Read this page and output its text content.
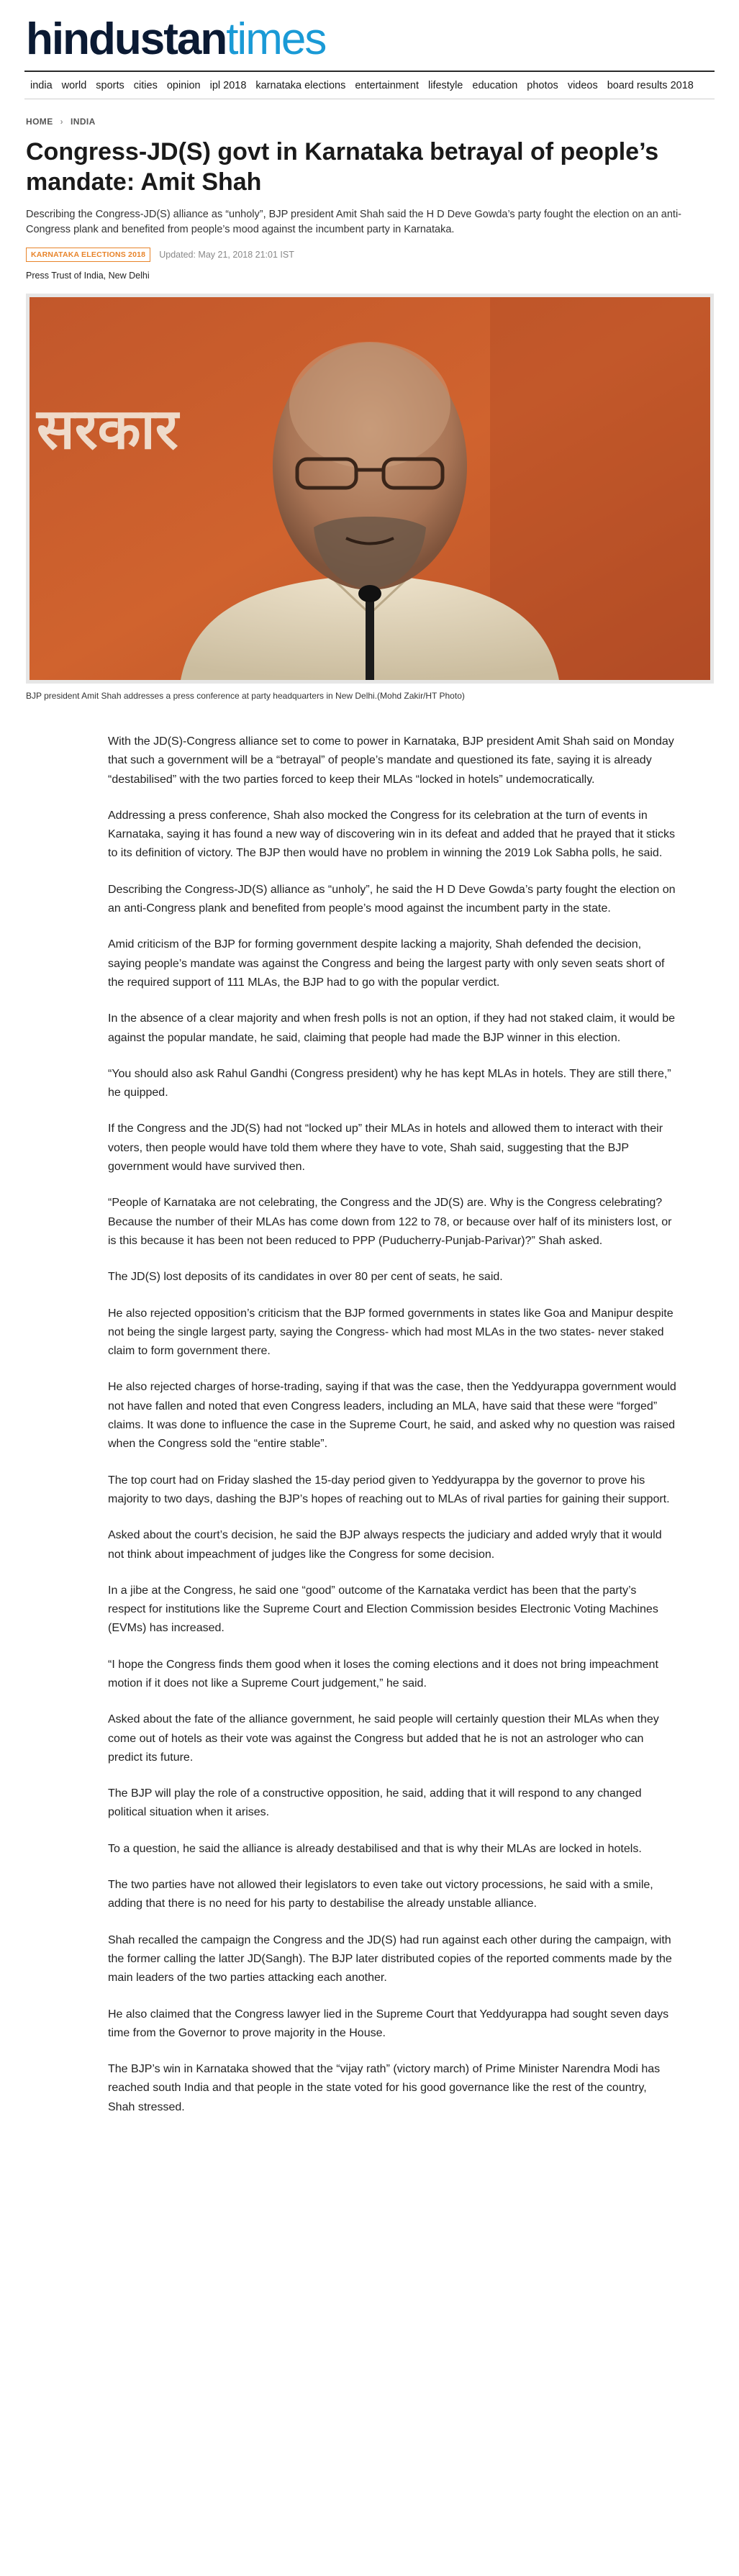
hindustantimes
india world sports cities opinion ipl 2018 karnataka elections entertainment lifestyle education photos videos board results 2018
HOME › INDIA
Congress-JD(S) govt in Karnataka betrayal of people’s mandate: Amit Shah

Describing the Congress-JD(S) alliance as “unholy”, BJP president Amit Shah said the H D Deve Gowda’s party fought the election on an anti-Congress plank and benefited from people’s mood against the incumbent party in Karnataka.

KARNATAKA ELECTIONS 2018	Updated: May 21, 2018 21:01 IST
Press Trust of India, New Delhi
सरकार
BJP president Amit Shah addresses a press conference at party headquarters in New Delhi.(Mohd Zakir/HT Photo)

With the JD(S)-Congress alliance set to come to power in Karnataka, BJP president Amit Shah said on Monday that such a government will be a “betrayal” of people’s mandate and questioned its fate, saying it is already “destabilised” with the two parties forced to keep their MLAs “locked in hotels” undemocratically.

Addressing a press conference, Shah also mocked the Congress for its celebration at the turn of events in Karnataka, saying it has found a new way of discovering win in its defeat and added that he prayed that it sticks to its definition of victory. The BJP then would have no problem in winning the 2019 Lok Sabha polls, he said.

Describing the Congress-JD(S) alliance as “unholy”, he said the H D Deve Gowda’s party fought the election on an anti-Congress plank and benefited from people’s mood against the incumbent party in the state.

Amid criticism of the BJP for forming government despite lacking a majority, Shah defended the decision, saying people’s mandate was against the Congress and being the largest party with only seven seats short of the required support of 111 MLAs, the BJP had to go with the popular verdict.

In the absence of a clear majority and when fresh polls is not an option, if they had not staked claim, it would be against the popular mandate, he said, claiming that people had made the BJP winner in this election.

“You should also ask Rahul Gandhi (Congress president) why he has kept MLAs in hotels. They are still there,” he quipped.

If the Congress and the JD(S) had not “locked up” their MLAs in hotels and allowed them to interact with their voters, then people would have told them where they have to vote, Shah said, suggesting that the BJP government would have survived then.

“People of Karnataka are not celebrating, the Congress and the JD(S) are. Why is the Congress celebrating? Because the number of their MLAs has come down from 122 to 78, or because over half of its ministers lost, or is this because it has been not been reduced to PPP (Puducherry-Punjab-Parivar)?” Shah asked.

The JD(S) lost deposits of its candidates in over 80 per cent of seats, he said.

He also rejected opposition’s criticism that the BJP formed governments in states like Goa and Manipur despite not being the single largest party, saying the Congress- which had most MLAs in the two states- never staked claim to form government there.

He also rejected charges of horse-trading, saying if that was the case, then the Yeddyurappa government would not have fallen and noted that even Congress leaders, including an MLA, have said that these were “forged” claims. It was done to influence the case in the Supreme Court, he said, and asked why no question was raised when the Congress sold the “entire stable”.

The top court had on Friday slashed the 15-day period given to Yeddyurappa by the governor to prove his majority to two days, dashing the BJP’s hopes of reaching out to MLAs of rival parties for gaining their support.

Asked about the court’s decision, he said the BJP always respects the judiciary and added wryly that it would not think about impeachment of judges like the Congress for some decision.

In a jibe at the Congress, he said one “good” outcome of the Karnataka verdict has been that the party’s respect for institutions like the Supreme Court and Election Commission besides Electronic Voting Machines (EVMs) has increased.

“I hope the Congress finds them good when it loses the coming elections and it does not bring impeachment motion if it does not like a Supreme Court judgement,” he said.

Asked about the fate of the alliance government, he said people will certainly question their MLAs when they come out of hotels as their vote was against the Congress but added that he is not an astrologer who can predict its future.

The BJP will play the role of a constructive opposition, he said, adding that it will respond to any changed political situation when it arises.

To a question, he said the alliance is already destabilised and that is why their MLAs are locked in hotels.

The two parties have not allowed their legislators to even take out victory processions, he said with a smile, adding that there is no need for his party to destabilise the already unstable alliance.

Shah recalled the campaign the Congress and the JD(S) had run against each other during the campaign, with the former calling the latter JD(Sangh). The BJP later distributed copies of the reported comments made by the main leaders of the two parties attacking each another.

He also claimed that the Congress lawyer lied in the Supreme Court that Yeddyurappa had sought seven days time from the Governor to prove majority in the House.

The BJP’s win in Karnataka showed that the “vijay rath” (victory march) of Prime Minister Narendra Modi has reached south India and that people in the state voted for his good governance like the rest of the country, Shah stressed.
